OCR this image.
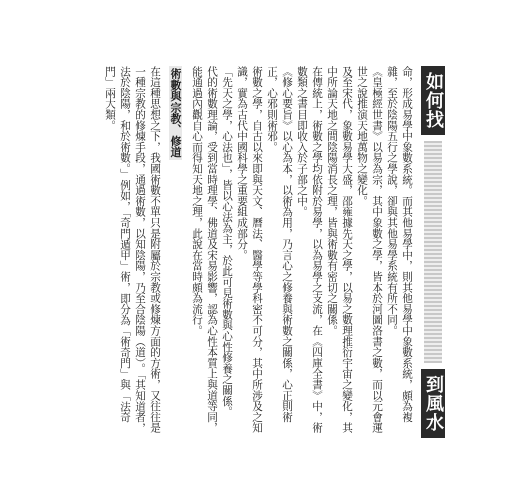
如何找
到風水

命，形成易學中象數系統。而其他易學中，則其他易學中象數系統，頗為複雜，至於陰陽五行之學說，卻與其他易學系統有所不同。

《皇極經世書》以易為宗，其中象數之學，皆本於河圖洛書之數，而以元會運世之說推演天地萬物之變化。

及至宋代，象數易學大盛，邵雍據先天之學，以易之數理推衍宇宙之變化，其中所論天地之間陰陽消長之理，皆與術數有密切之關係。

在傳統上，術數之學均依附於易學，以為易學之支流，在《四庫全書》中，術數類之書目即收入於子部之中。

《修心要旨》以心為本，以術為用，乃言心之修養與術數之關係，心正則術正，心邪則術邪。

術數之學，自古以來即與天文、曆法、醫學等學科密不可分，其中所涉及之知識，實為古代中國科學之重要組成部分。

「先天之學，心法也」，皆以心法為主，於此可見術數與心性修養之關係。

代的術數理論，受到當時理學、佛道及宋易影響，認為心性本質上與道等同，能通過內觀自心而得知天地之理，此說在當時頗為流行。

術數與宗教、修道

在這種思想之下，我國術數不單只是附屬於宗教或修煉方面的方術，又往往是一種宗教的修煉手段，通過術數，以知陰陽，乃至合陰陽（道）。「其知道者，法於陰陽，和於術數。」例如，「奇門遁甲」術，即分為「術奇門」與「法奇門」兩大類。
